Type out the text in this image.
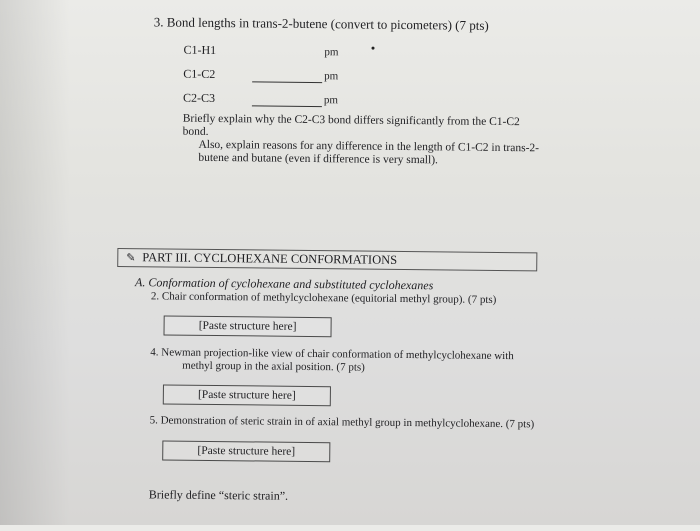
3. Bond lengths in trans-2-butene (convert to picometers) (7 pts)
C1-H1	pm
C1-C2	pm
C2-C3	pm
Briefly explain why the C2-C3 bond differs significantly from the C1-C2 bond.
Also, explain reasons for any difference in the length of C1-C2 in trans-2-
butene and butane (even if difference is very small).
✎ PART III. CYCLOHEXANE CONFORMATIONS
A. Conformation of cyclohexane and substituted cyclohexanes
2. Chair conformation of methylcyclohexane (equitorial methyl group). (7 pts)
[Paste structure here]
4. Newman projection-like view of chair conformation of methylcyclohexane with
methyl group in the axial position. (7 pts)
[Paste structure here]
5. Demonstration of steric strain in of axial methyl group in methylcyclohexane. (7 pts)
[Paste structure here]
Briefly define “steric strain”.
